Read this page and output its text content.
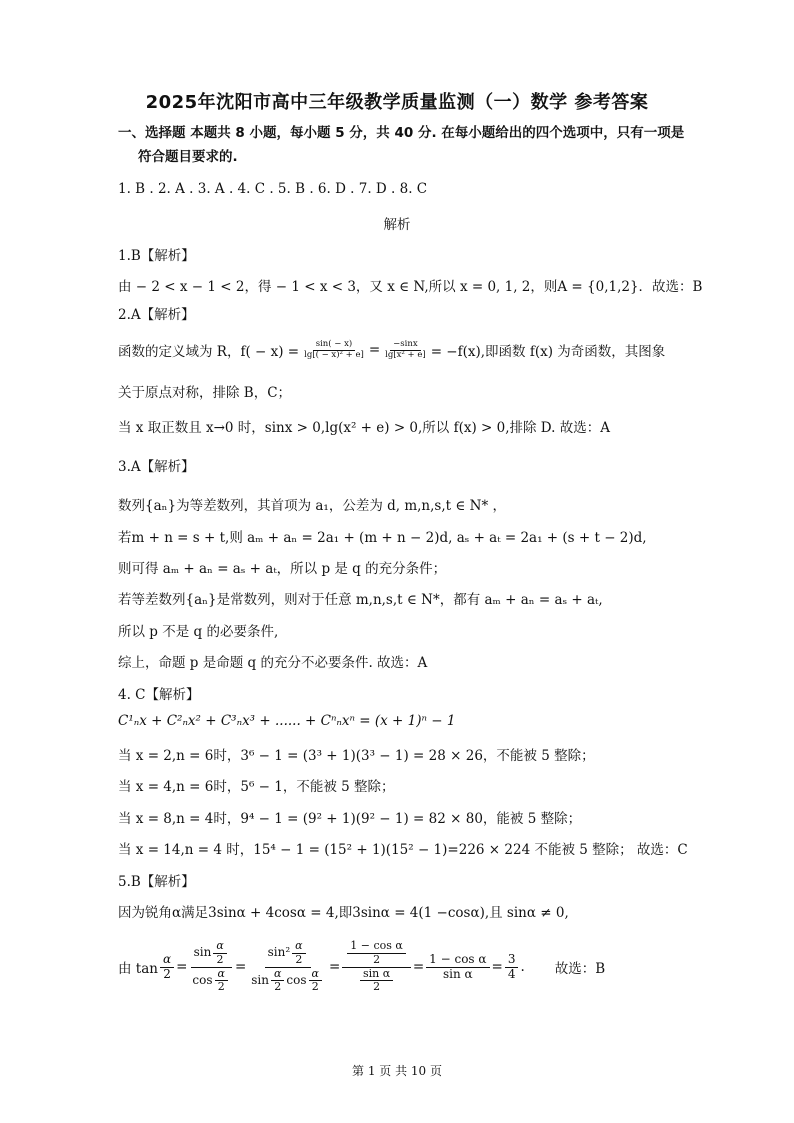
2025年沈阳市高中三年级教学质量监测（一）数学 参考答案
一、选择题 本题共 8 小题，每小题 5 分，共 40 分. 在每小题给出的四个选项中，只有一项是
符合题目要求的.
1. B . 2. A . 3. A . 4. C . 5. B . 6. D . 7. D . 8. C
解析
1.B【解析】
由 − 2 < x − 1 < 2，得 − 1 < x < 3，又 x ∈ N,所以 x = 0, 1, 2，则A = {0,1,2}．故选：B
2.A【解析】
函数的定义域为 R，$f( - x) = \frac{\sin( - x)}{\text{lg[( − x)² + e]}} = \frac{-\sin x}{\text{lg[x² + e]}} = -f(x)$,即函数 f(x) 为奇函数，其图象
关于原点对称，排除 B，C；
当 x 取正数且 x→0 时，sinx > 0,lg(x² + e) > 0,所以 f(x) > 0,排除 D. 故选：A
3.A【解析】
数列{aₙ}为等差数列，其首项为 a₁，公差为 d, m,n,s,t ∈ N* ，
若m + n = s + t,则 aₘ + aₙ = 2a₁ + (m + n − 2)d, aₛ + aₜ = 2a₁ + (s + t − 2)d,
则可得 aₘ + aₙ = aₛ + aₜ，所以 p 是 q 的充分条件；
若等差数列{aₙ}是常数列，则对于任意 m,n,s,t ∈ N*，都有 aₘ + aₙ = aₛ + aₜ,
所以 p 不是 q 的必要条件,
综上，命题 p 是命题 q 的充分不必要条件. 故选：A
4. C【解析】
C¹ₙx + C²ₙx² + C³ₙx³ + ...... + Cⁿₙxⁿ = (x + 1)ⁿ − 1
当 x = 2,n = 6时，3⁶ − 1 = (3³ + 1)(3³ − 1) = 28 × 26，不能被 5 整除；
当 x = 4,n = 6时，5⁶ − 1，不能被 5 整除；
当 x = 8,n = 4时，9⁴ − 1 = (9² + 1)(9² − 1) = 82 × 80，能被 5 整除；
当 x = 14,n = 4 时，15⁴ − 1 = (15² + 1)(15² − 1)=226 × 224 不能被 5 整除； 故选：C
5.B【解析】
因为锐角α满足3sinα + 4cosα = 4,即3sinα = 4(1 −cosα),且 sinα ≠ 0,
由 $\tan \frac{\alpha}{2} = \frac{\sin \frac{\alpha}{2}}{\cos \frac{\alpha}{2}}$ =
$\sin^2 \frac{\alpha}{2}$
$\sin \frac{\alpha}{2}$ $\cos \frac{\alpha}{2}$
= $\frac{\frac{\text{1 − cos α}}{2}}{\frac{\text{sin α}}{2}} = \frac{\text{1 − cos α}}{\text{sin α}} = \frac{3}{4}$ . 故选：B
第 1 页 共 10 页
